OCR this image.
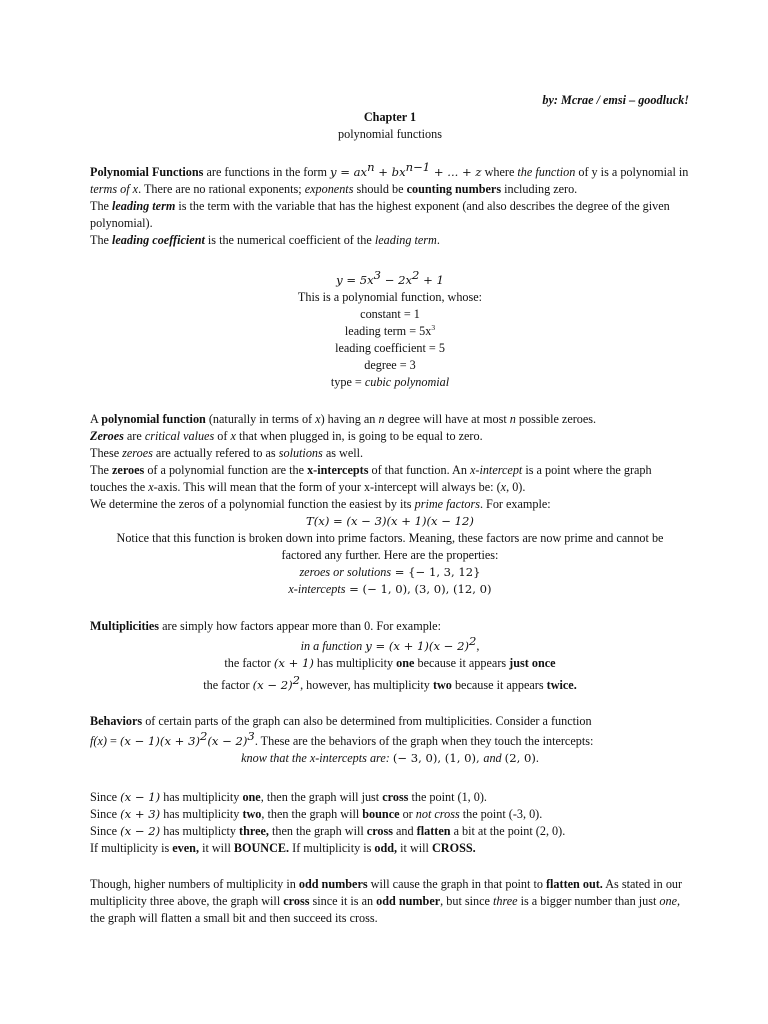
by: Mcrae / emsi – goodluck!

Chapter 1

polynomial functions

Polynomial Functions are functions in the form $y = ax^n + bx^{n-1}$ + ... + z where the function of y is a polynomial in terms of x. There are no rational exponents; exponents should be counting numbers including zero.

The leading term is the term with the variable that has the highest exponent (and also describes the degree of the given polynomial).

The leading coefficient is the numerical coefficient of the leading term.

$y = 5x^3 - 2x^2 + 1$

This is a polynomial function, whose:

constant = 1

leading term = $5x^3$

leading coefficient = 5

degree = 3

type = cubic polynomial

A polynomial function (naturally in terms of x) having an n degree will have at most n possible zeroes.

Zeroes are critical values of x that when plugged in, is going to be equal to zero.

These zeroes are actually refered to as solutions as well.

The zeroes of a polynomial function are the x-intercepts of that function. An x-intercept is a point where the graph touches the x-axis. This will mean that the form of your x-intercept will always be: (x, 0).

We determine the zeros of a polynomial function the easiest by its prime factors. For example:

T(x) = (x − 3)(x + 1)(x − 12)

Notice that this function is broken down into prime factors. Meaning, these factors are now prime and cannot be factored any further. Here are the properties:

zeroes or solutions = {− 1, 3, 12}

x-intercepts = (− 1, 0), (3, 0), (12, 0)

Multiplicities are simply how factors appear more than 0. For example:

in a function $y = (x + 1)(x - 2)^2$,

the factor (x + 1) has multiplicity one because it appears just once

the factor $(x - 2)^2$, however, has multiplicity two because it appears twice.

Behaviors of certain parts of the graph can also be determined from multiplicities. Consider a function

$f(x) = (x - 1)(x + 3)^2(x - 2)^3$. These are the behaviors of the graph when they touch the intercepts:

know that the x-intercepts are: (− 3, 0), (1, 0), and (2, 0).

Since (x − 1) has multiplicity one, then the graph will just cross the point (1, 0).

Since (x + 3) has multiplicity two, then the graph will bounce or not cross the point (-3, 0).

Since (x − 2) has multiplicty three, then the graph will cross and flatten a bit at the point (2, 0).

If multiplicity is even, it will BOUNCE. If multiplicity is odd, it will CROSS.

Though, higher numbers of multiplicity in odd numbers will cause the graph in that point to flatten out. As stated in our multiplicity three above, the graph will cross since it is an odd number, but since three is a bigger number than just one, the graph will flatten a small bit and then succeed its cross.
